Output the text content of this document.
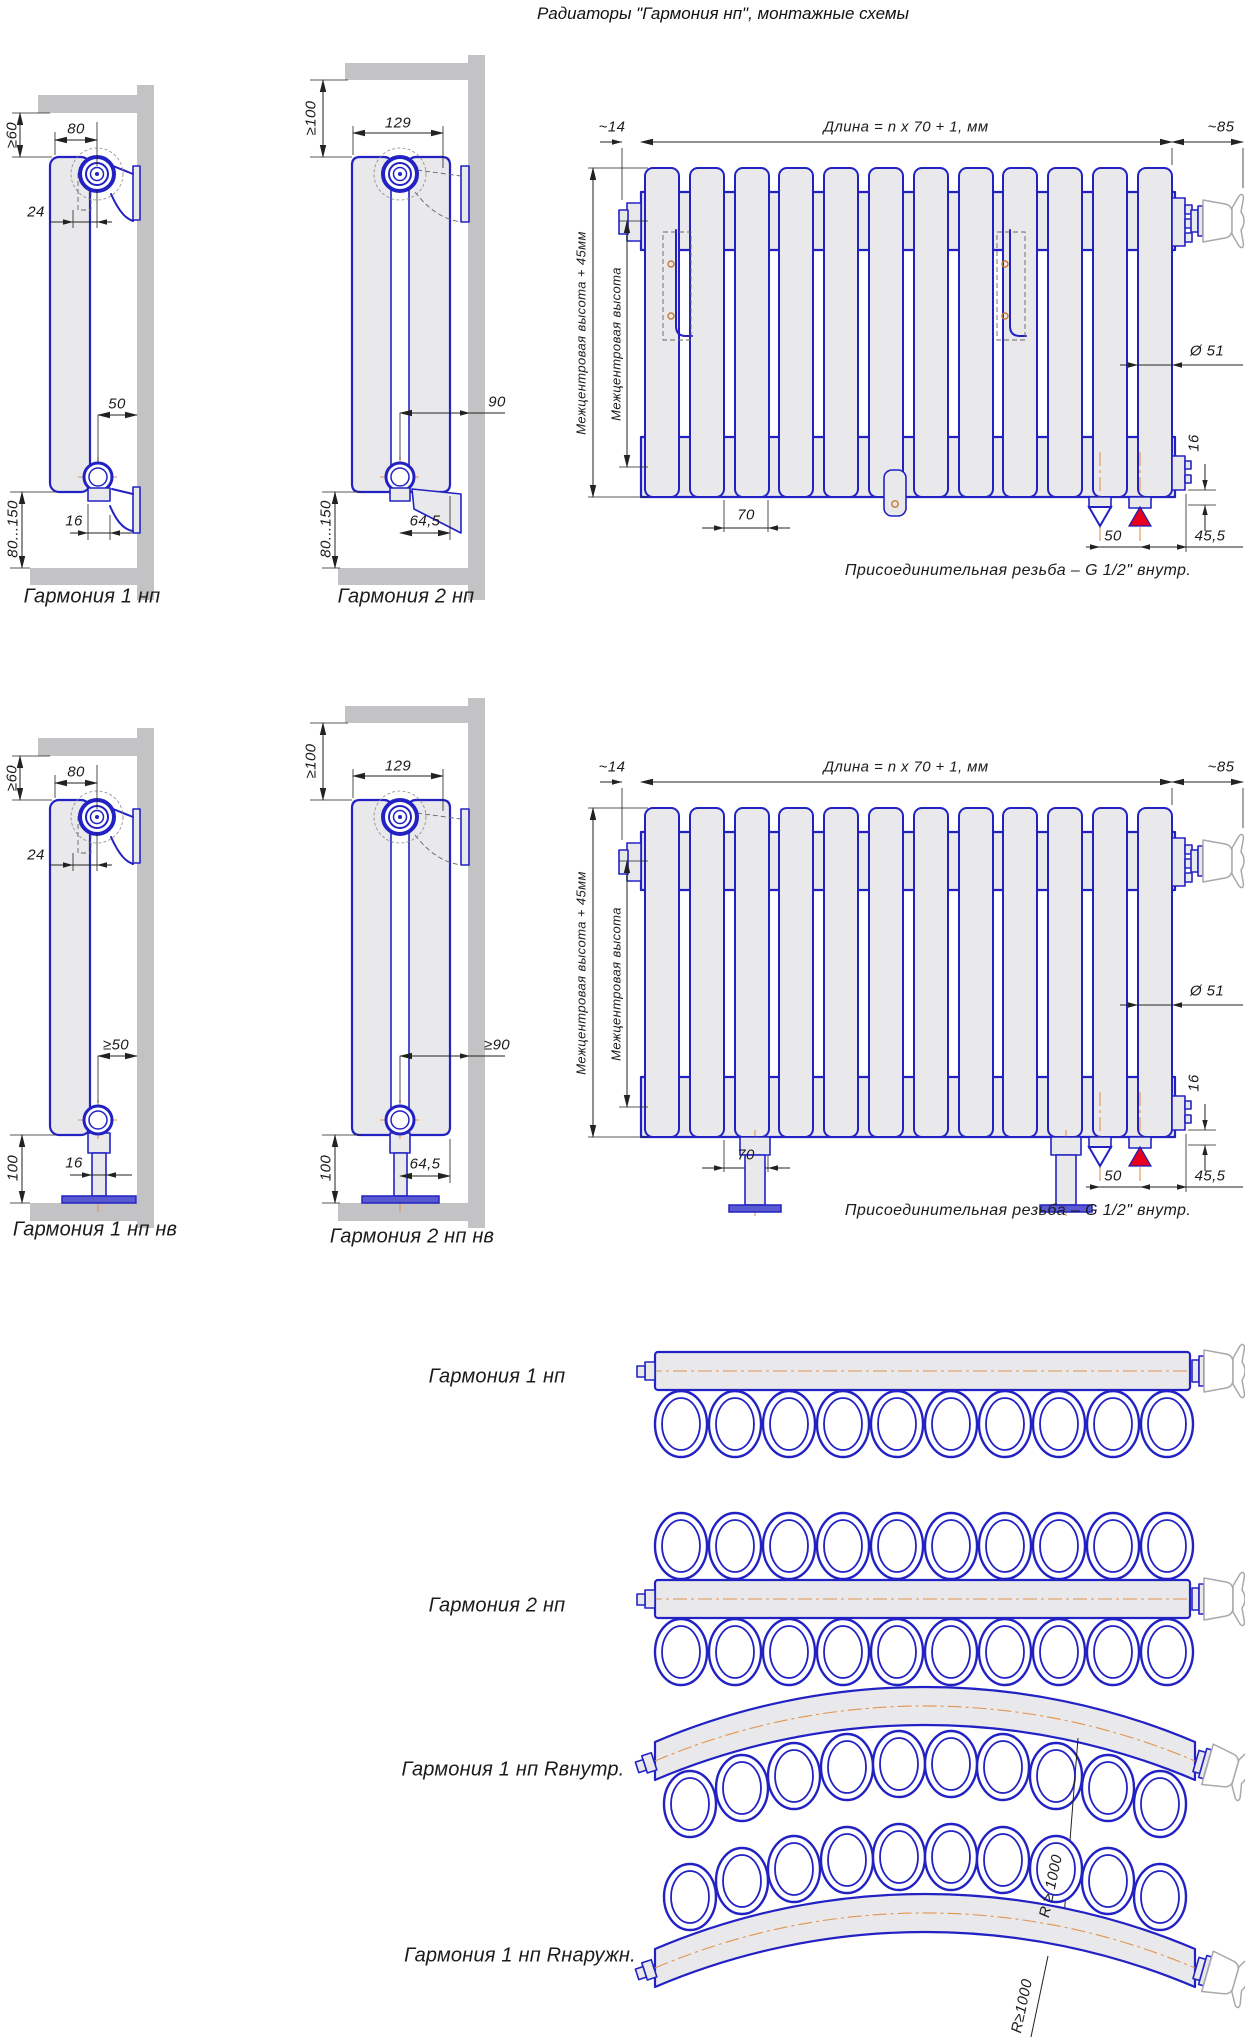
Радиаторы "Гармония нп", монтажные схемы
≥60	80
24
50
16
80...150
Гармония 1 нп
≥100	129
90
64,5
80...150
Гармония 2 нп
~14	Длина = n x 70 + 1, мм	~85
Межцентровая высота + 45мм Межцентровая высота	Ø 51
16
70
50	45,5
Присоединительная резьба – G 1/2" внутр.
≥60	80
24
≥50
16
100
Гармония 1 нп нв
≥100	129
≥90
64,5
100
Гармония 2 нп нв
~14	Длина = n x 70 + 1, мм	~85
Межцентровая высота + 45мм Межцентровая высота	Ø 51
16
70
50	45,5
Присоединительная резьба – G 1/2" внутр.
Гармония 1 нп
Гармония 2 нп
Гармония 1 нп Rвнутр.
Гармония 1 нп Rнаружн.
R ≥ 1000
R≥1000
